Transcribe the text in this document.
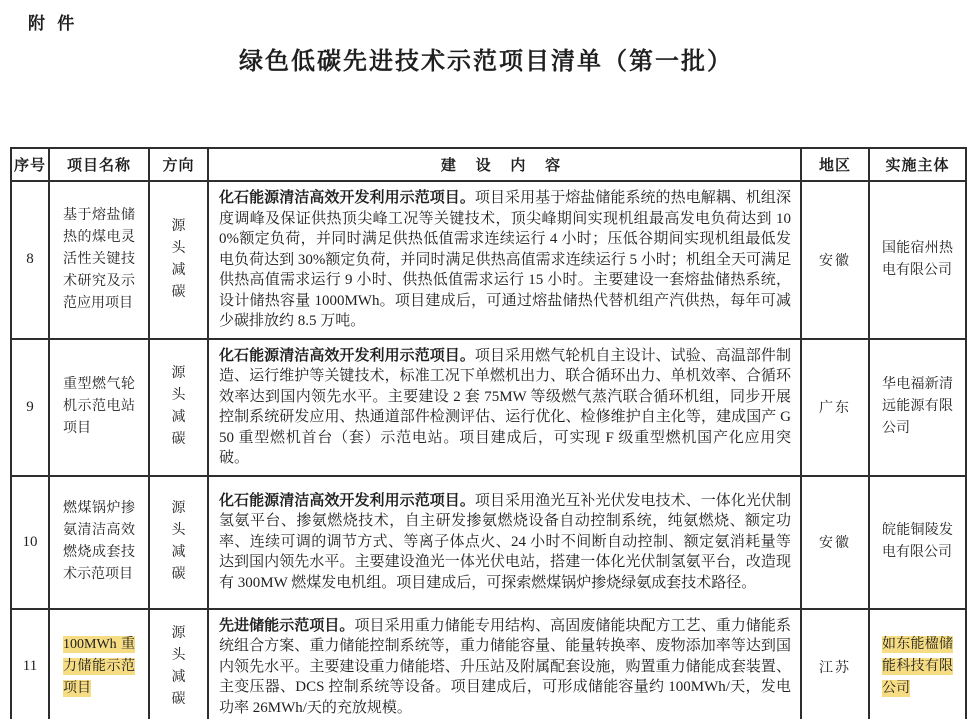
附 件
绿色低碳先进技术示范项目清单（第一批）
序号	项目名称	方向	建 设 内 容	地区	实施主体
8	基于熔盐储热的煤电灵活性关键技术研究及示范应用项目	源头减碳	化石能源清洁高效开发利用示范项目。项目采用基于熔盐储能系统的热电解耦、机组深度调峰及保证供热顶尖峰工况等关键技术，顶尖峰期间实现机组最高发电负荷达到 100%额定负荷，并同时满足供热低值需求连续运行 4 小时；压低谷期间实现机组最低发电负荷达到 30%额定负荷，并同时满足供热高值需求连续运行 5 小时；机组全天可满足供热高值需求运行 9 小时、供热低值需求运行 15 小时。主要建设一套熔盐储热系统，设计储热容量 1000MWh。项目建成后，可通过熔盐储热代替机组产汽供热，每年可减少碳排放约 8.5 万吨。	安徽	国能宿州热电有限公司
9	重型燃气轮机示范电站项目	源头减碳	化石能源清洁高效开发利用示范项目。项目采用燃气轮机自主设计、试验、高温部件制造、运行维护等关键技术，标准工况下单燃机出力、联合循环出力、单机效率、合循环效率达到国内领先水平。主要建设 2 套 75MW 等级燃气蒸汽联合循环机组，同步开展控制系统研发应用、热通道部件检测评估、运行优化、检修维护自主化等，建成国产 G50 重型燃机首台（套）示范电站。项目建成后，可实现 F 级重型燃机国产化应用突破。	广东	华电福新清远能源有限公司
10	燃煤锅炉掺氨清洁高效燃烧成套技术示范项目	源头减碳	化石能源清洁高效开发利用示范项目。项目采用渔光互补光伏发电技术、一体化光伏制氢氨平台、掺氨燃烧技术，自主研发掺氨燃烧设备自动控制系统，纯氨燃烧、额定功率、连续可调的调节方式、等离子体点火、24 小时不间断自动控制、额定氨消耗量等达到国内领先水平。主要建设渔光一体光伏电站，搭建一体化光伏制氢氨平台，改造现有 300MW 燃煤发电机组。项目建成后，可探索燃煤锅炉掺烧绿氨成套技术路径。	安徽	皖能铜陵发电有限公司
11	100MWh 重力储能示范项目	源头减碳	先进储能示范项目。项目采用重力储能专用结构、高固废储能块配方工艺、重力储能系统组合方案、重力储能控制系统等，重力储能容量、能量转换率、废物添加率等达到国内领先水平。主要建设重力储能塔、升压站及附属配套设施，购置重力储能成套装置、主变压器、DCS 控制系统等设备。项目建成后，可形成储能容量约 100MWh/天，发电功率 26MWh/天的充放规模。	江苏	如东能楹储能科技有限公司
